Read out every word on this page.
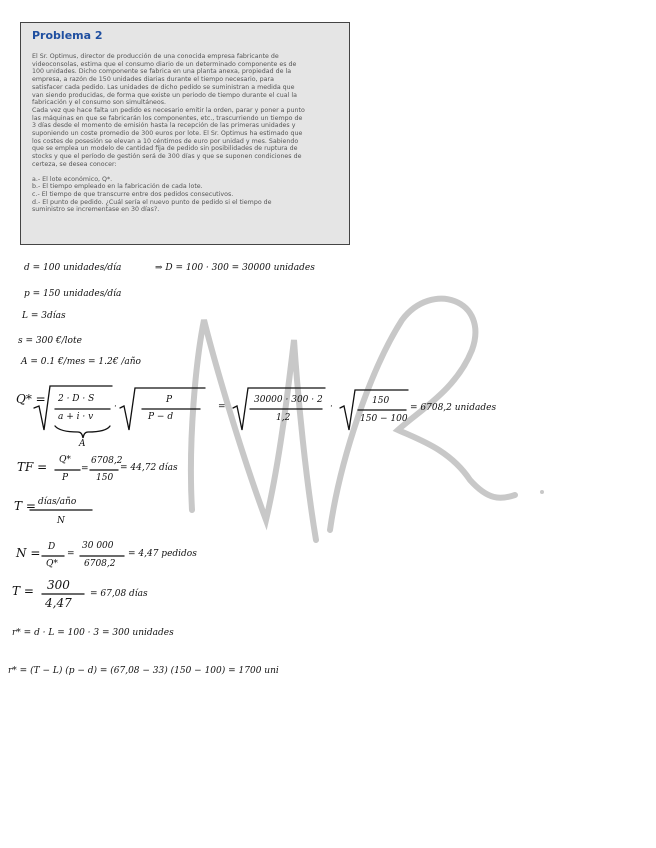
Problema 2

El Sr. Optimus, director de producción de una conocida empresa fabricante de
videoconsolas, estima que el consumo diario de un determinado componente es de
100 unidades. Dicho componente se fabrica en una planta anexa, propiedad de la
empresa, a razón de 150 unidades diarias durante el tiempo necesario, para
satisfacer cada pedido. Las unidades de dicho pedido se suministran a medida que
van siendo producidas, de forma que existe un periodo de tiempo durante el cual la
fabricación y el consumo son simultáneos.
Cada vez que hace falta un pedido es necesario emitir la orden, parar y poner a punto
las máquinas en que se fabricarán los componentes, etc., trascurriendo un tiempo de
3 días desde el momento de emisión hasta la recepción de las primeras unidades y
suponiendo un coste promedio de 300 euros por lote. El Sr. Optimus ha estimado que
los costes de posesión se elevan a 10 céntimos de euro por unidad y mes. Sabiendo
que se emplea un modelo de cantidad fija de pedido sin posibilidades de ruptura de
stocks y que el período de gestión será de 300 días y que se suponen condiciones de
certeza, se desea conocer:

a.- El lote económico, Q*.
b.- El tiempo empleado en la fabricación de cada lote.
c.- El tiempo de que transcurre entre dos pedidos consecutivos.
d.- El punto de pedido. ¿Cuál sería el nuevo punto de pedido si el tiempo de
suministro se incrementase en 30 días?.
d = 100 unidades/día	⇒ D = 100 · 300 = 30000 unidades
p = 150 unidades/día
L = 3días
s = 300 €/lote
A = 0.1 €/mes = 1.2€ /año
Q* = 2 · D · S
a + i · v
A
·
P
P − d
=
30000 · 300 · 2
1,2
·
150
150 − 100
= 6708,2 unidades
TF = Q*
P
=
6708,2
150
= 44,72 días
T = días/año
N
N = D
Q*
=
30 000
6708,2
= 4,47 pedidos
T = 300
4,47
= 67,08 días
r* = d · L = 100 · 3 = 300 unidades
r* = (T − L) (p − d) = (67,08 − 33) (150 − 100) = 1700 uni
